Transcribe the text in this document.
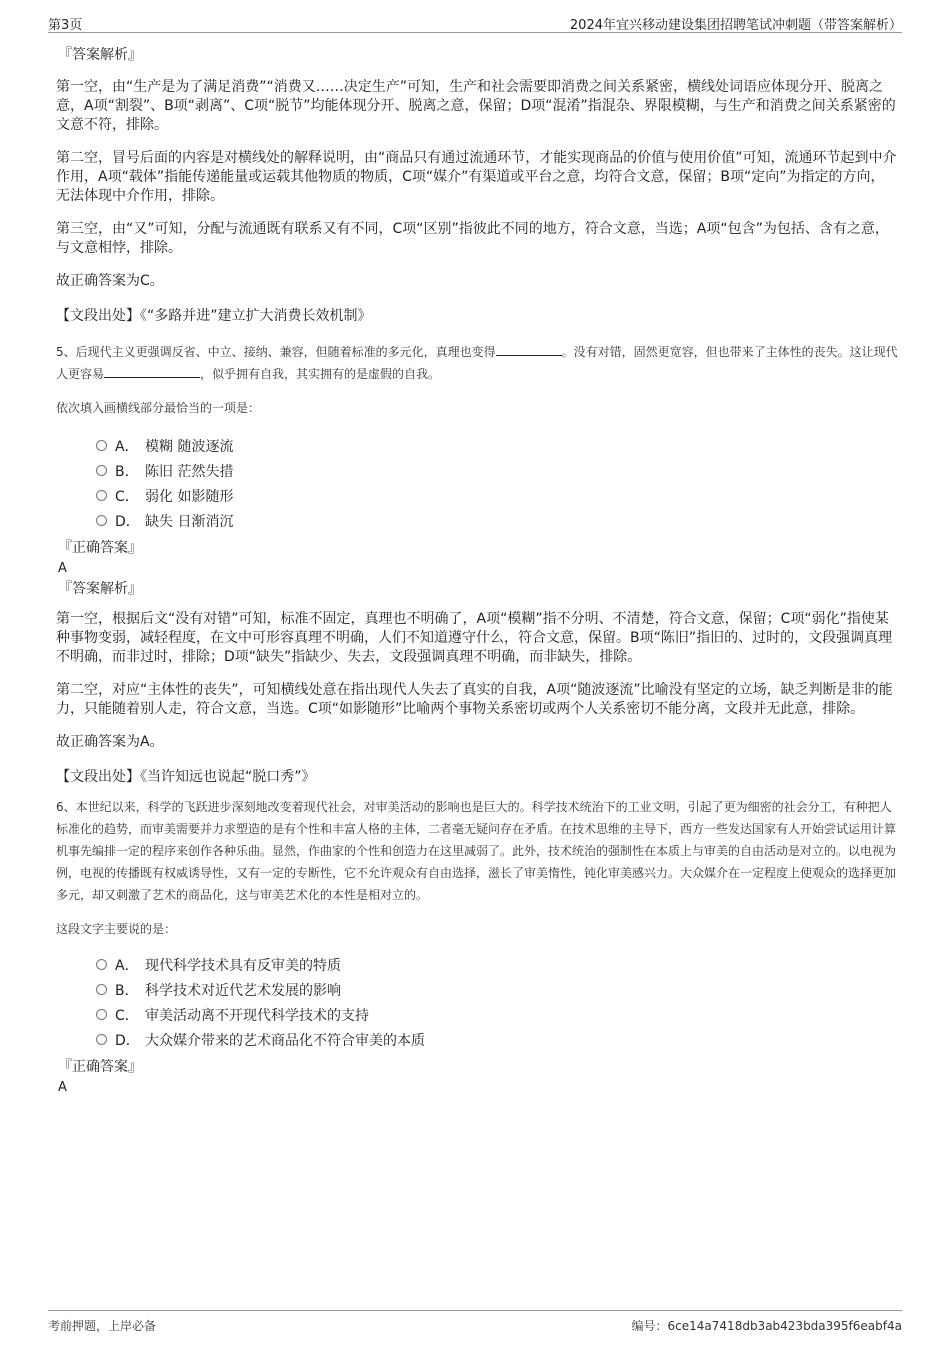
第3页	2024年宜兴移动建设集团招聘笔试冲刺题（带答案解析）
『答案解析』

第一空，由“生产是为了满足消费”“消费又……决定生产”可知，生产和社会需要即消费之间关系紧密，横线处词语应体现分开、脱离之意，A项“割裂”、B项“剥离”、C项“脱节”均能体现分开、脱离之意，保留；D项“混淆”指混杂、界限模糊，与生产和消费之间关系紧密的文意不符，排除。

第二空，冒号后面的内容是对横线处的解释说明，由“商品只有通过流通环节，才能实现商品的价值与使用价值”可知，流通环节起到中介作用，A项“载体”指能传递能量或运载其他物质的物质，C项“媒介”有渠道或平台之意，均符合文意，保留；B项“定向”为指定的方向，无法体现中介作用，排除。

第三空，由“又”可知，分配与流通既有联系又有不同，C项“区别”指彼此不同的地方，符合文意，当选；A项“包含”为包括、含有之意，与文意相悖，排除。

故正确答案为C。

【文段出处】《“多路并进”建立扩大消费长效机制》

5、后现代主义更强调反省、中立、接纳、兼容，但随着标准的多元化，真理也变得	。没有对错，固然更宽容，但也带来了主体性的丧失。这让现代人更容易	，似乎拥有自我，其实拥有的是虚假的自我。

依次填入画横线部分最恰当的一项是：

A． 模糊 随波逐流
B． 陈旧 茫然失措
C． 弱化 如影随形
D． 缺失 日渐消沉
『正确答案』
A
『答案解析』

第一空，根据后文“没有对错”可知，标准不固定，真理也不明确了，A项“模糊”指不分明、不清楚，符合文意，保留；C项“弱化”指使某种事物变弱，减轻程度，在文中可形容真理不明确，人们不知道遵守什么，符合文意，保留。B项“陈旧”指旧的、过时的，文段强调真理不明确，而非过时，排除；D项“缺失”指缺少、失去，文段强调真理不明确，而非缺失，排除。

第二空，对应“主体性的丧失”，可知横线处意在指出现代人失去了真实的自我，A项“随波逐流”比喻没有坚定的立场，缺乏判断是非的能力，只能随着别人走，符合文意，当选。C项“如影随形”比喻两个事物关系密切或两个人关系密切不能分离，文段并无此意，排除。

故正确答案为A。

【文段出处】《当许知远也说起“脱口秀”》

6、本世纪以来，科学的飞跃进步深刻地改变着现代社会，对审美活动的影响也是巨大的。科学技术统治下的工业文明，引起了更为细密的社会分工，有种把人标准化的趋势，而审美需要并力求塑造的是有个性和丰富人格的主体，二者毫无疑问存在矛盾。在技术思维的主导下，西方一些发达国家有人开始尝试运用计算机事先编排一定的程序来创作各种乐曲。显然，作曲家的个性和创造力在这里减弱了。此外，技术统治的强制性在本质上与审美的自由活动是对立的。以电视为例，电视的传播既有权威诱导性，又有一定的专断性，它不允许观众有自由选择，滋长了审美惰性，钝化审美感兴力。大众媒介在一定程度上使观众的选择更加多元，却又刺激了艺术的商品化，这与审美艺术化的本性是相对立的。

这段文字主要说的是：

A． 现代科学技术具有反审美的特质
B． 科学技术对近代艺术发展的影响
C． 审美活动离不开现代科学技术的支持
D． 大众媒介带来的艺术商品化不符合审美的本质
『正确答案』
A
考前押题，上岸必备	编号：6ce14a7418db3ab423bda395f6eabf4a
